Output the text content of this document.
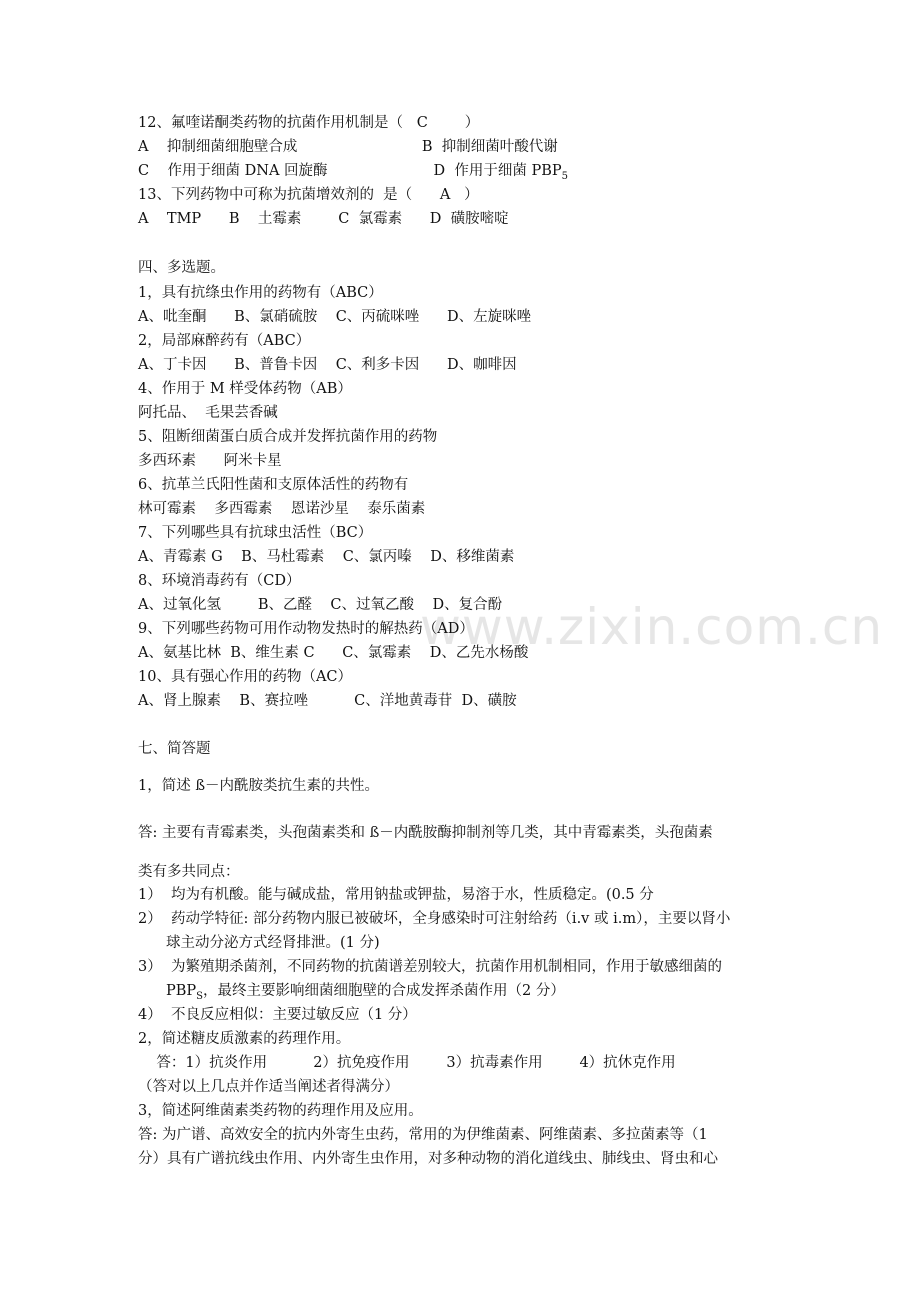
www.zixin.com.cn
12、氟喹诺酮类药物的抗菌作用机制是（   C        ）
A    抑制细菌细胞壁合成                           B  抑制细菌叶酸代谢
C    作用于细菌 DNA 回旋酶                       D  作用于细菌 $PBP_5$
13、下列药物中可称为抗菌增效剂的  是（      A   ）
A    TMP      B    土霉素        C  氯霉素      D  磺胺嘧啶
四、多选题。
1，具有抗绦虫作用的药物有（ABC）
A、吡奎酮      B、氯硝硫胺    C、丙硫咪唑      D、左旋咪唑
2，局部麻醉药有（ABC）
A、丁卡因      B、普鲁卡因    C、利多卡因      D、咖啡因
4、作用于 M 样受体药物（AB）
阿托品、  毛果芸香碱
5、阻断细菌蛋白质合成并发挥抗菌作用的药物
多西环素      阿米卡星
6、抗革兰氏阳性菌和支原体活性的药物有
林可霉素    多西霉素    恩诺沙星    泰乐菌素
7、下列哪些具有抗球虫活性（BC）
A、青霉素 G    B、马杜霉素    C、氯丙嗪    D、移维菌素
8、环境消毒药有（CD）
A、过氧化氢        B、乙醛    C、过氧乙酸    D、复合酚
9、下列哪些药物可用作动物发热时的解热药（AD）
A、氨基比林  B、维生素 C      C、氯霉素    D、乙先水杨酸
10、具有强心作用的药物（AC）
A、肾上腺素    B、赛拉唑          C、洋地黄毒苷  D、磺胺
七、简答题
1，简述 ß－内酰胺类抗生素的共性。
答: 主要有青霉素类，头孢菌素类和 ß－内酰胺酶抑制剂等几类，其中青霉素类，头孢菌素
类有多共同点：
1）  均为有机酸。能与碱成盐，常用钠盐或钾盐，易溶于水，性质稳定。(0.5 分
2）  药动学特征: 部分药物内服已被破坏，全身感染时可注射给药（i.v 或 i.m），主要以肾小
球主动分泌方式经肾排泄。(1 分)
3）  为繁殖期杀菌剂，不同药物的抗菌谱差别较大，抗菌作用机制相同，作用于敏感细菌的
$PBP_S$，最终主要影响细菌细胞壁的合成发挥杀菌作用（2 分）
4）  不良反应相似：主要过敏反应（1 分）
2，简述糖皮质激素的药理作用。
答：1）抗炎作用          2）抗免疫作用        3）抗毒素作用        4）抗休克作用
（答对以上几点并作适当阐述者得满分）
3，简述阿维菌素类药物的药理作用及应用。
答: 为广谱、高效安全的抗内外寄生虫药，常用的为伊维菌素、阿维菌素、多拉菌素等（1
分）具有广谱抗线虫作用、内外寄生虫作用，对多种动物的消化道线虫、肺线虫、肾虫和心
